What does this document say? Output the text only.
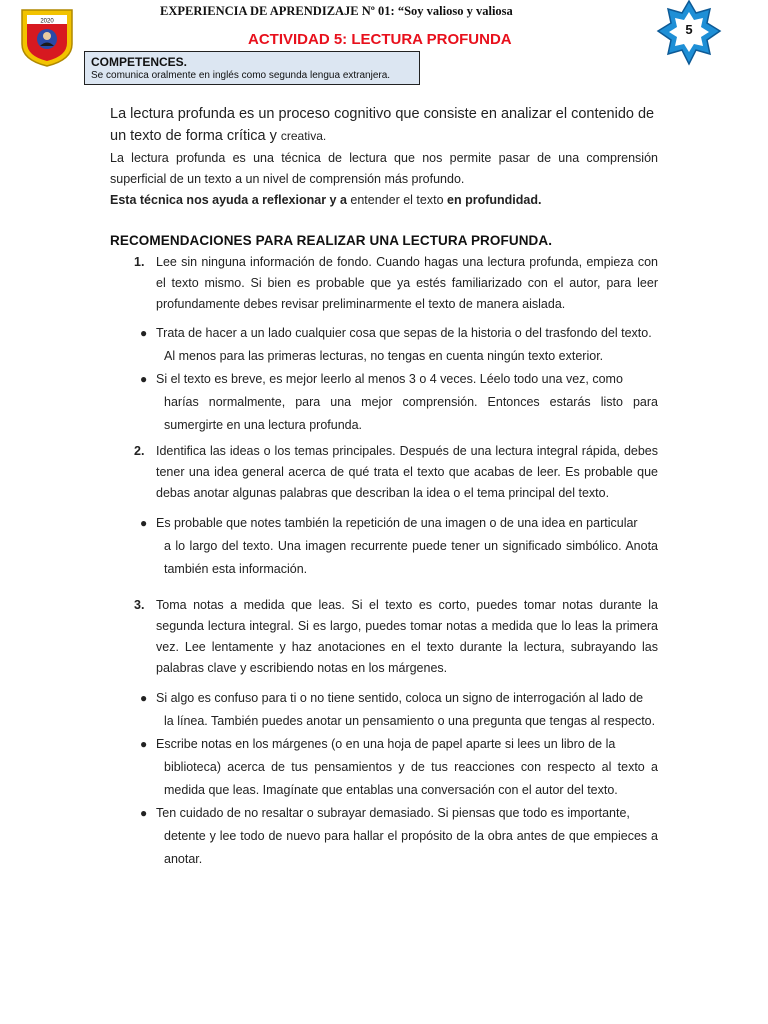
2020
EXPERIENCIA DE APRENDIZAJE Nº 01: “Soy valioso y valiosa
ACTIVIDAD 5: LECTURA PROFUNDA
5
COMPETENCES.
Se comunica oralmente en inglés como segunda lengua extranjera.

La lectura profunda es un proceso cognitivo que consiste en analizar el contenido de un texto de forma crítica y creativa.

La lectura profunda es una técnica de lectura que nos permite pasar de una comprensión superficial de un texto a un nivel de comprensión más profundo.

Esta técnica nos ayuda a reflexionar y a entender el texto en profundidad.

RECOMENDACIONES PARA REALIZAR UNA LECTURA PROFUNDA.
1. Lee sin ninguna información de fondo. Cuando hagas una lectura profunda, empieza con el texto mismo. Si bien es probable que ya estés familiarizado con el autor, para leer profundamente debes revisar preliminarmente el texto de manera aislada.
● Trata de hacer a un lado cualquier cosa que sepas de la historia o del trasfondo del texto.
Al menos para las primeras lecturas, no tengas en cuenta ningún texto exterior.
● Si el texto es breve, es mejor leerlo al menos 3 o 4 veces. Léelo todo una vez, como
harías normalmente, para una mejor comprensión. Entonces estarás listo para sumergirte en una lectura profunda.
2. Identifica las ideas o los temas principales. Después de una lectura integral rápida, debes tener una idea general acerca de qué trata el texto que acabas de leer. Es probable que debas anotar algunas palabras que describan la idea o el tema principal del texto.
● Es probable que notes también la repetición de una imagen o de una idea en particular
a lo largo del texto. Una imagen recurrente puede tener un significado simbólico. Anota también esta información.
3. Toma notas a medida que leas. Si el texto es corto, puedes tomar notas durante la segunda lectura integral. Si es largo, puedes tomar notas a medida que lo leas la primera vez. Lee lentamente y haz anotaciones en el texto durante la lectura, subrayando las palabras clave y escribiendo notas en los márgenes.
● Si algo es confuso para ti o no tiene sentido, coloca un signo de interrogación al lado de
la línea. También puedes anotar un pensamiento o una pregunta que tengas al respecto.
● Escribe notas en los márgenes (o en una hoja de papel aparte si lees un libro de la
biblioteca) acerca de tus pensamientos y de tus reacciones con respecto al texto a medida que leas. Imagínate que entablas una conversación con el autor del texto.
● Ten cuidado de no resaltar o subrayar demasiado. Si piensas que todo es importante,
detente y lee todo de nuevo para hallar el propósito de la obra antes de que empieces a anotar.
